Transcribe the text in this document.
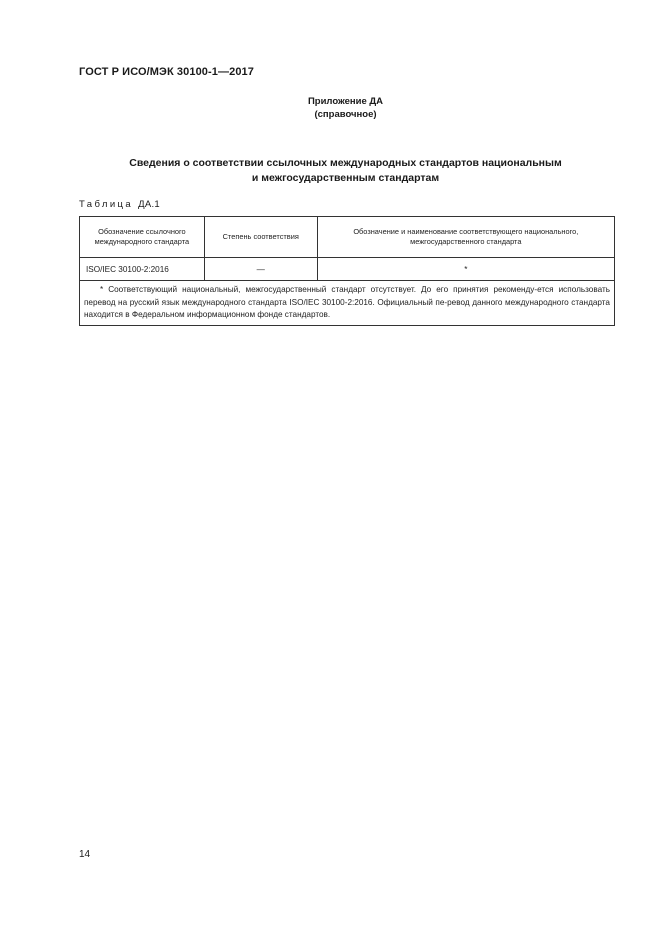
ГОСТ Р ИСО/МЭК 30100-1—2017
Приложение ДА
(справочное)
Сведения о соответствии ссылочных международных стандартов национальным
и межгосударственным стандартам
Таблица ДА.1
Обозначение ссылочного международного стандарта	Степень соответствия	Обозначение и наименование соответствующего национального, межгосударственного стандарта
ISO/IEC 30100-2:2016	—	*
* Соответствующий национальный, межгосударственный стандарт отсутствует. До его принятия рекоменду-ется использовать перевод на русский язык международного стандарта ISO/IEC 30100-2:2016. Официальный пе-ревод данного международного стандарта находится в Федеральном информационном фонде стандартов.		
14
